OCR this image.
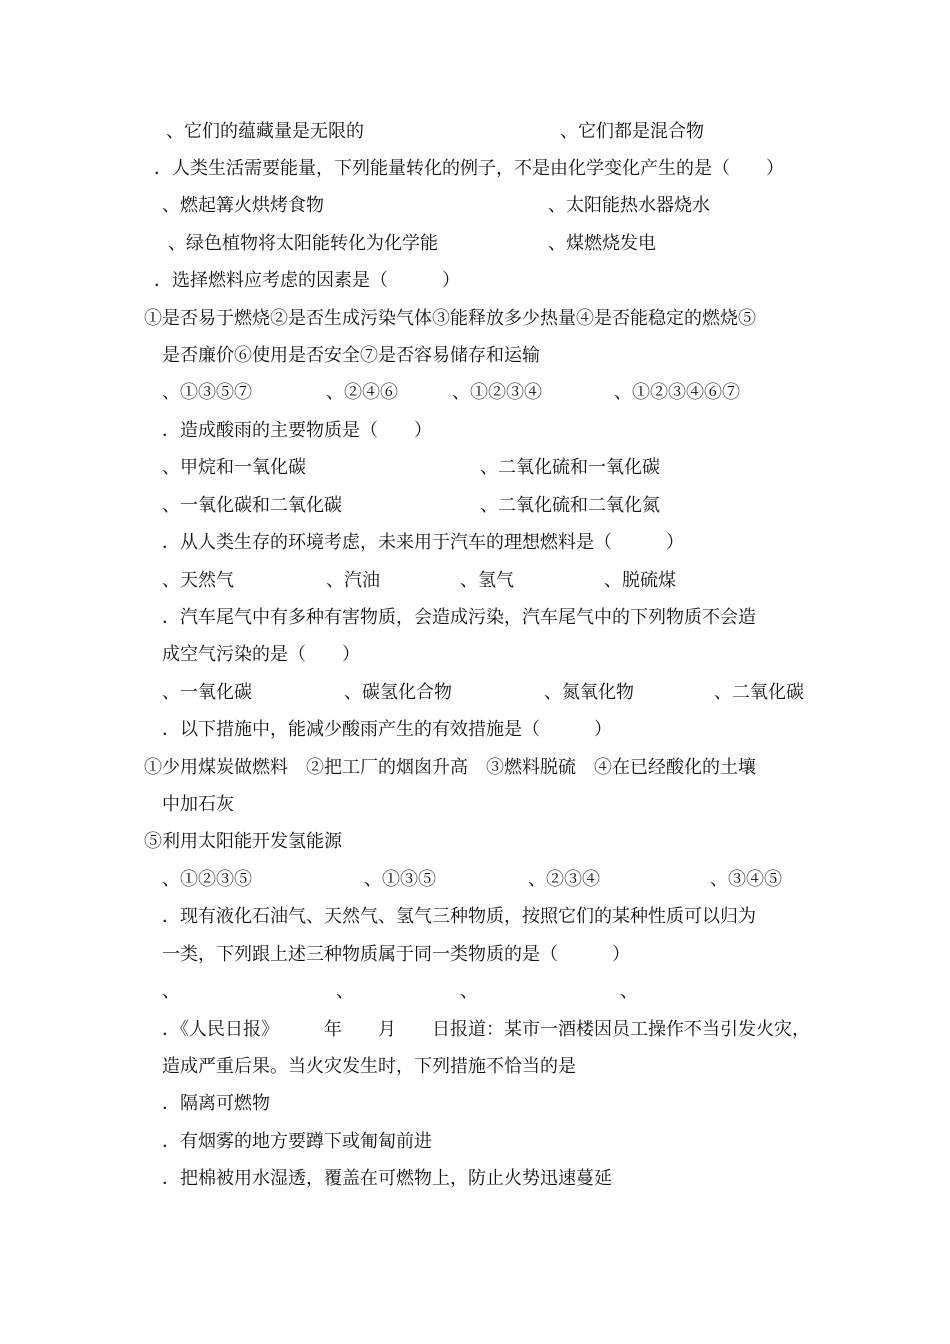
、它们的蕴藏量是无限的	、它们都是混合物
．人类生活需要能量，下列能量转化的例子，不是由化学变化产生的是（　　）
、燃起篝火烘烤食物	、太阳能热水器烧水
、绿色植物将太阳能转化为化学能	、煤燃烧发电
．选择燃料应考虑的因素是（　　　）
①是否易于燃烧②是否生成污染气体③能释放多少热量④是否能稳定的燃烧⑤
是否廉价⑥使用是否安全⑦是否容易储存和运输
、①③⑤⑦	、②④⑥	、①②③④	、①②③④⑥⑦
．造成酸雨的主要物质是（　　）
、甲烷和一氧化碳	、二氧化硫和一氧化碳
、一氧化碳和二氧化碳	、二氧化硫和二氧化氮
．从人类生存的环境考虑，未来用于汽车的理想燃料是（　　　）
、天然气	、汽油	、氢气	、脱硫煤
．汽车尾气中有多种有害物质，会造成污染，汽车尾气中的下列物质不会造
成空气污染的是（　　）
、一氧化碳	、碳氢化合物	、氮氧化物	、二氧化碳
．以下措施中，能减少酸雨产生的有效措施是（　　　）
①少用煤炭做燃料　②把工厂的烟囱升高　③燃料脱硫　④在已经酸化的土壤
中加石灰
⑤利用太阳能开发氢能源
、①②③⑤	、①③⑤	、②③④	、③④⑤
．现有液化石油气、天然气、氢气三种物质，按照它们的某种性质可以归为
一类，下列跟上述三种物质属于同一类物质的是（　　　）
、	、	、	、
．《人民日报》　　　年　　月　　日报道：某市一酒楼因员工操作不当引发火灾，
造成严重后果。当火灾发生时，下列措施不恰当的是
．隔离可燃物
．有烟雾的地方要蹲下或匍匐前进
．把棉被用水湿透，覆盖在可燃物上，防止火势迅速蔓延
